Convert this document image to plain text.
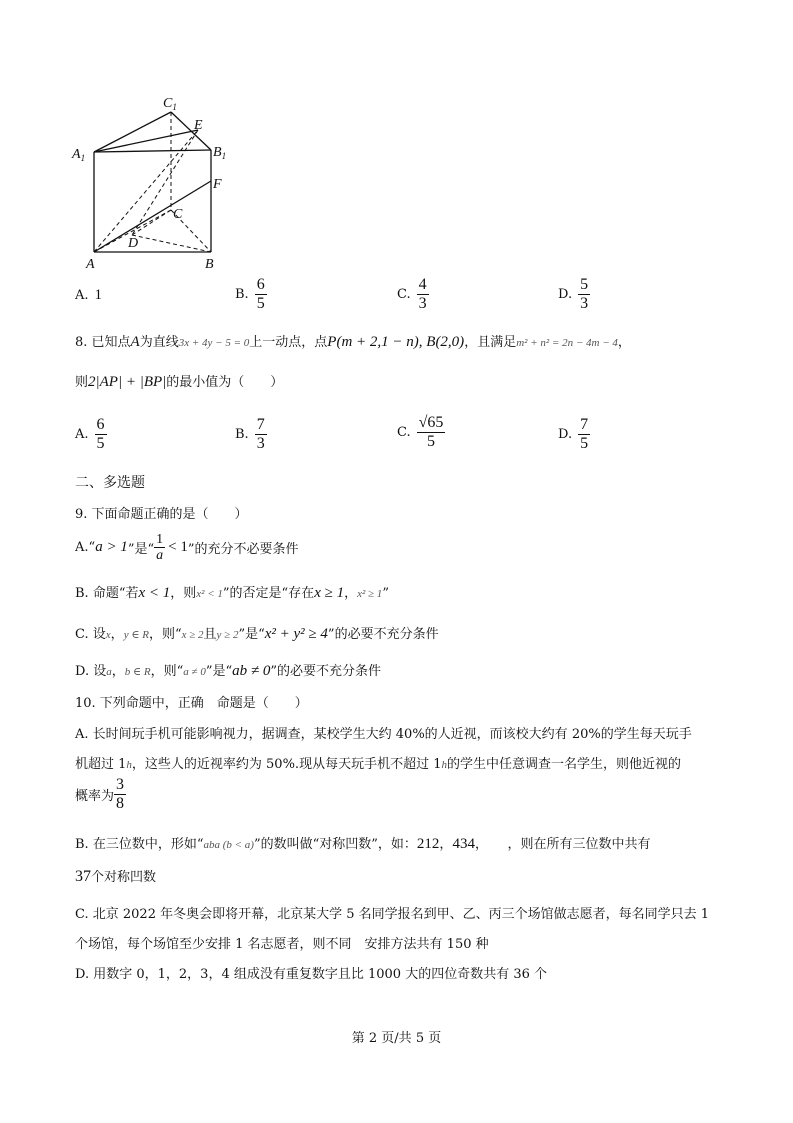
$C_1$
E
$A_1$	$B_1$
F
C
D
A	B
A. 1	B. $\frac{6}{5}$	C. $\frac{4}{3}$	D. $\frac{5}{3}$
8. 已知点A为直线3x + 4y − 5 = 0上一动点，点P(m + 2,1 − n), B(2,0)，且满足m² + n² = 2n − 4m − 4，
则2|AP| + |BP|的最小值为（　　）
A. $\frac{6}{5}$	B. $\frac{7}{3}$	C. $\frac{√65}{5}$	D. $\frac{7}{5}$
二、多选题
9. 下面命题正确的是（　　）
A. “ a > 1 ”是“ $\frac{1}{a} < 1$ ”的充分不必要条件
B. 命题“若x < 1，则x² < 1”的否定是“存在x ≥ 1，x² ≥ 1”
C. 设x，y ∈ R，则“x ≥ 2且y ≥ 2”是“x² + y² ≥ 4”的必要不充分条件
D. 设a，b ∈ R，则“a ≠ 0”是“ab ≠ 0”的必要不充分条件
10. 下列命题中，正确　命题是（　　）
A. 长时间玩手机可能影响视力，据调查，某校学生大约 40%的人近视，而该校大约有 20%的学生每天玩手
机超过 1h，这些人的近视率约为 50%.现从每天玩手机不超过 1h的学生中任意调查一名学生，则他近视的
概率为 $\frac{3}{8}$
B. 在三位数中，形如“aba (b < a)”的数叫做“对称凹数”，如：212，434，　　，则在所有三位数中共有
37个对称凹数
C. 北京 2022 年冬奥会即将开幕，北京某大学 5 名同学报名到甲、乙、丙三个场馆做志愿者，每名同学只去 1
个场馆，每个场馆至少安排 1 名志愿者，则不同　安排方法共有 150 种
D. 用数字 0，1，2，3，4 组成没有重复数字且比 1000 大的四位奇数共有 36 个
第 2 页/共 5 页
